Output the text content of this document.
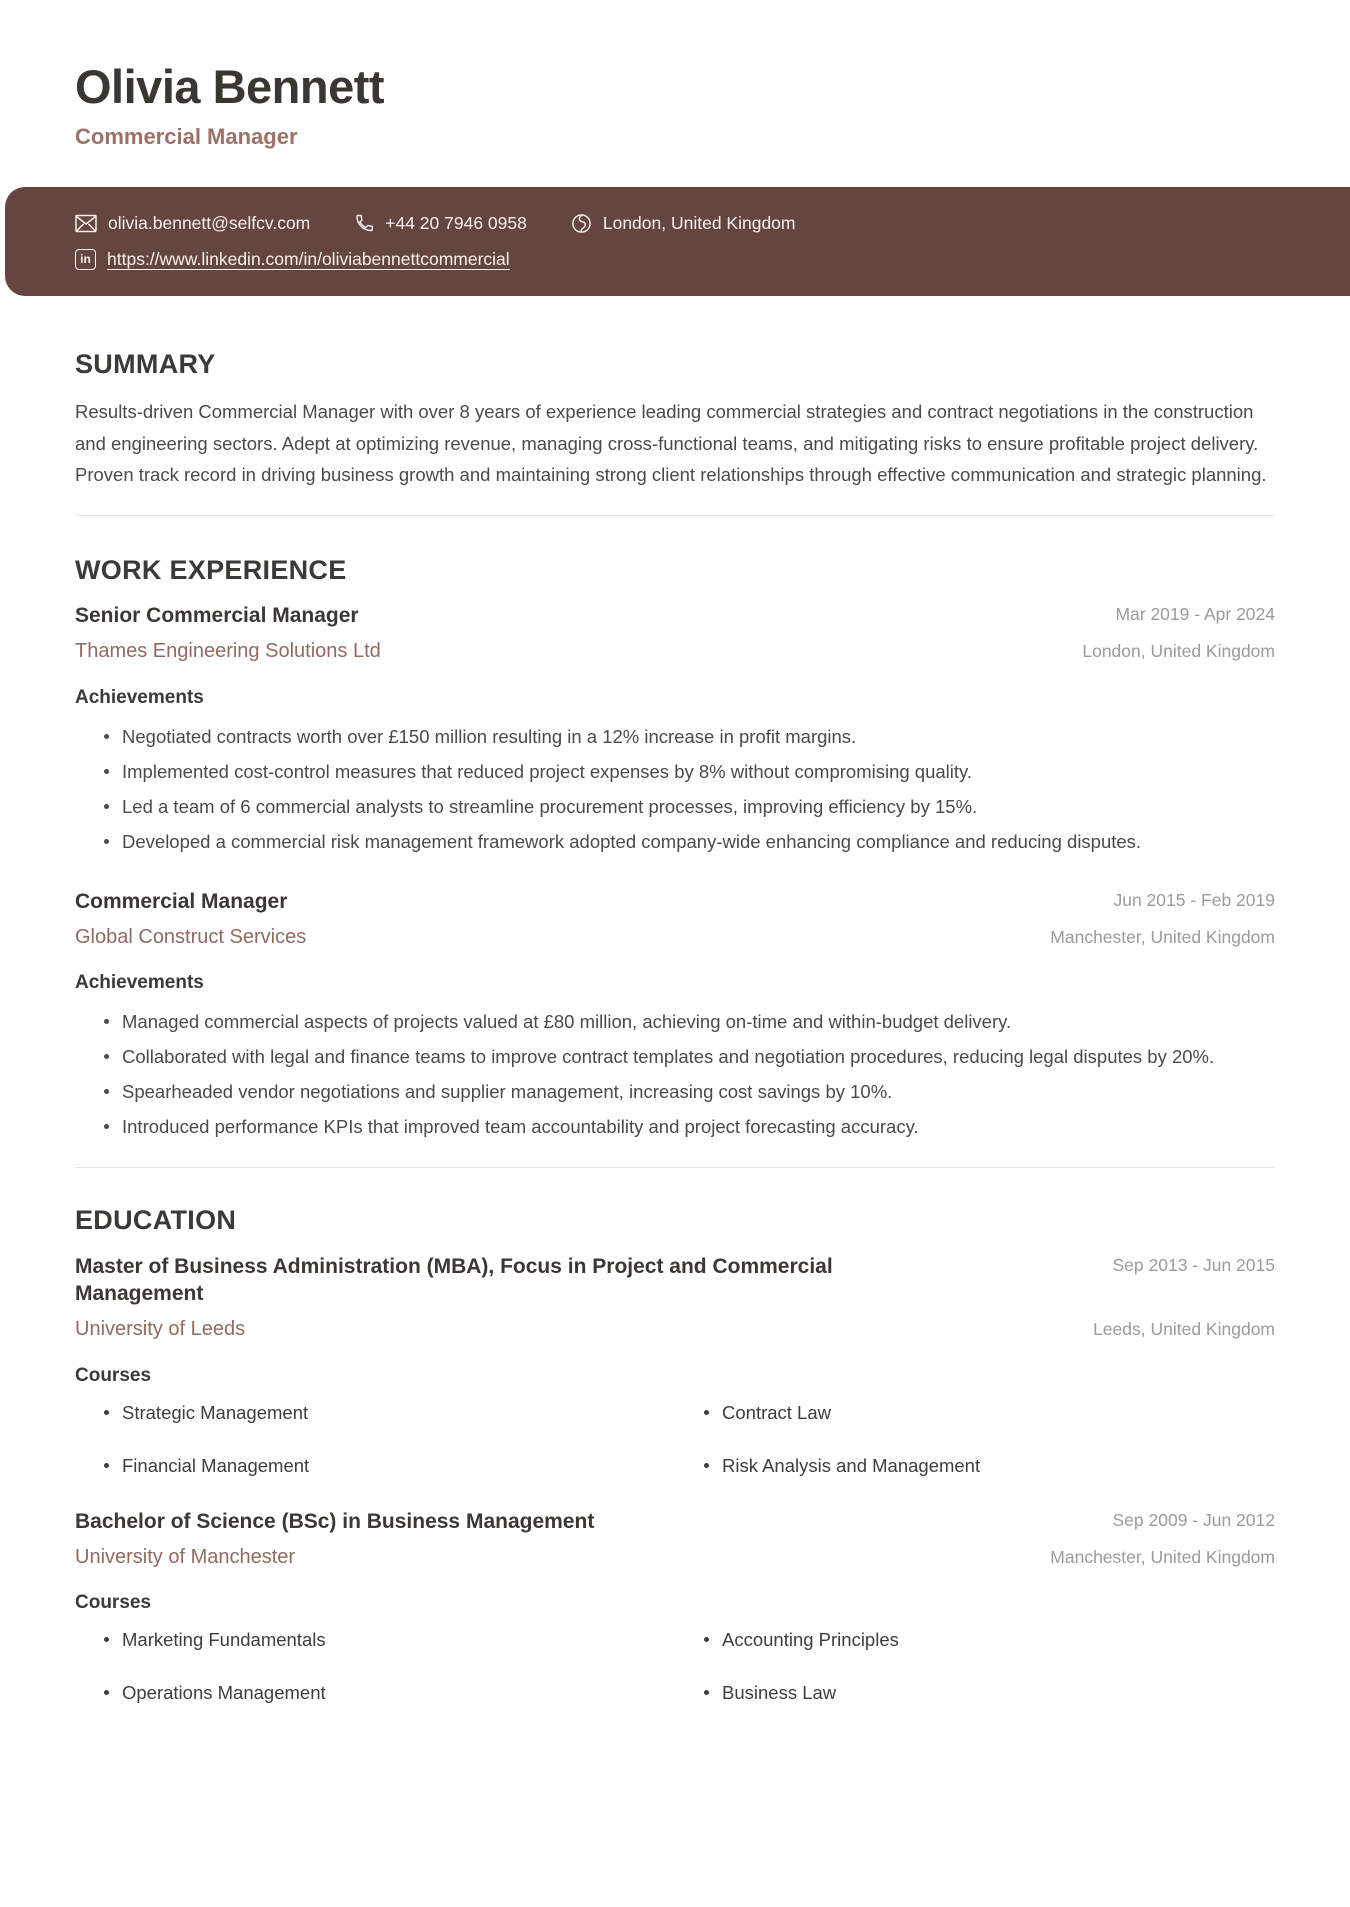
Olivia Bennett
Commercial Manager
olivia.bennett@selfcv.com	+44 20 7946 0958	London, United Kingdom
in https://www.linkedin.com/in/oliviabennettcommercial
SUMMARY

Results-driven Commercial Manager with over 8 years of experience leading commercial strategies and contract negotiations in the construction and engineering sectors. Adept at optimizing revenue, managing cross-functional teams, and mitigating risks to ensure profitable project delivery. Proven track record in driving business growth and maintaining strong client relationships through effective communication and strategic planning.

WORK EXPERIENCE
Senior Commercial Manager	Mar 2019 - Apr 2024
Thames Engineering Solutions Ltd	London, United Kingdom
Achievements
Negotiated contracts worth over £150 million resulting in a 12% increase in profit margins.
Implemented cost-control measures that reduced project expenses by 8% without compromising quality.
Led a team of 6 commercial analysts to streamline procurement processes, improving efficiency by 15%.
Developed a commercial risk management framework adopted company-wide enhancing compliance and reducing disputes.
Commercial Manager	Jun 2015 - Feb 2019
Global Construct Services	Manchester, United Kingdom
Achievements
Managed commercial aspects of projects valued at £80 million, achieving on-time and within-budget delivery.
Collaborated with legal and finance teams to improve contract templates and negotiation procedures, reducing legal disputes by 20%.
Spearheaded vendor negotiations and supplier management, increasing cost savings by 10%.
Introduced performance KPIs that improved team accountability and project forecasting accuracy.
EDUCATION
Master of Business Administration (MBA), Focus in Project and Commercial Management
Sep 2013 - Jun 2015
University of Leeds	Leeds, United Kingdom
Courses
Strategic Management	Contract Law
Financial Management	Risk Analysis and Management
Bachelor of Science (BSc) in Business Management	Sep 2009 - Jun 2012
University of Manchester	Manchester, United Kingdom
Courses
Marketing Fundamentals	Accounting Principles
Operations Management	Business Law
